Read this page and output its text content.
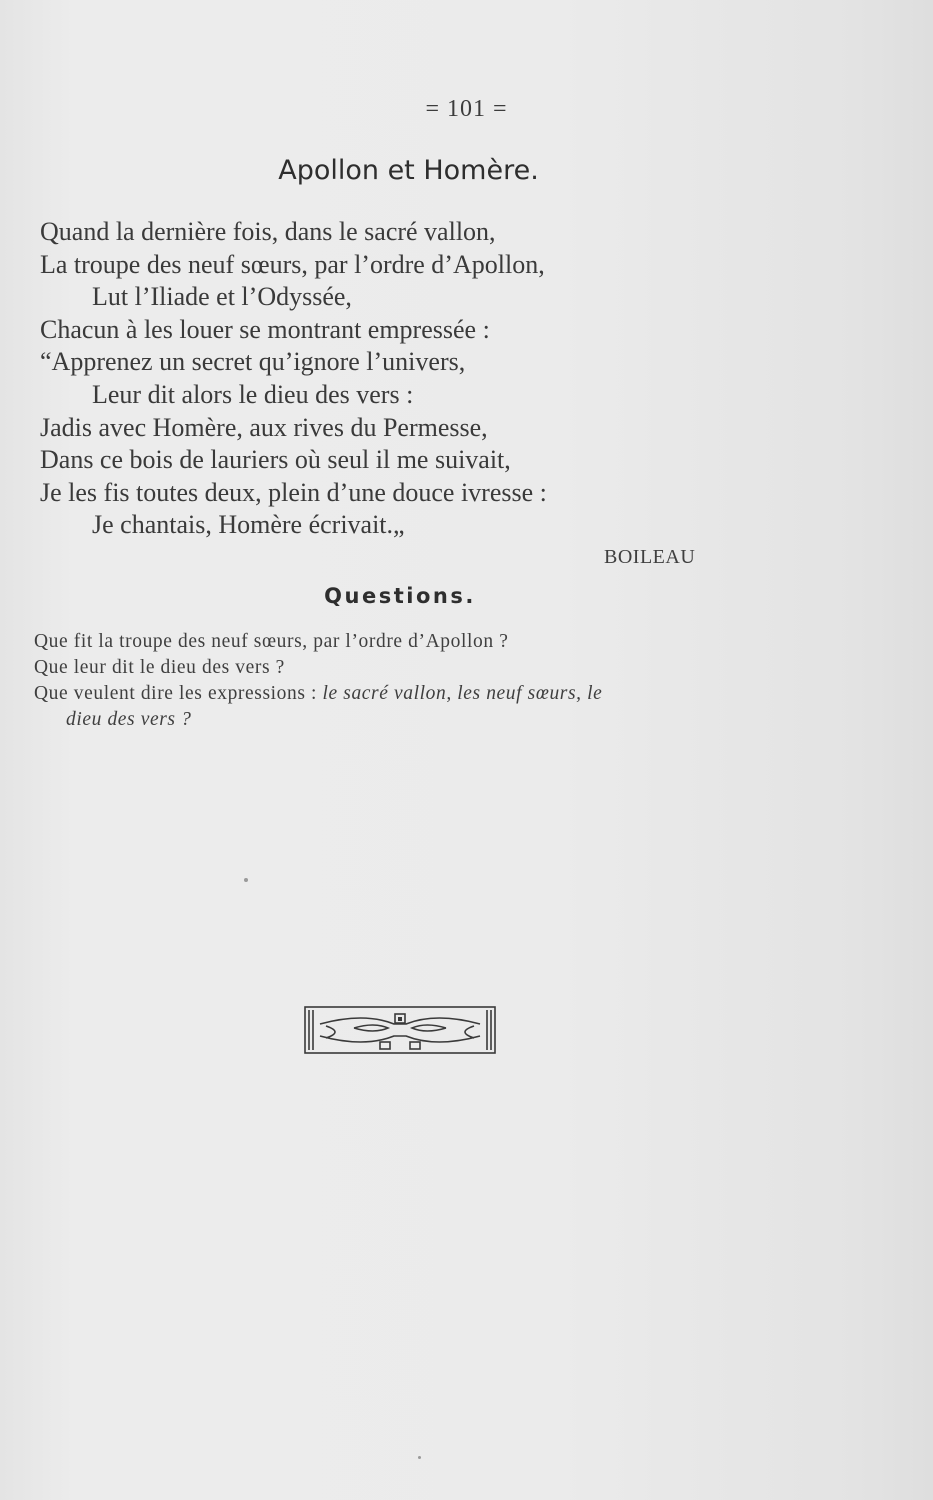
= 101 =
Apollon et Homère.
Quand la dernière fois, dans le sacré vallon,
La troupe des neuf sœurs, par l’ordre d’Apollon,
Lut l’Iliade et l’Odyssée,
Chacun à les louer se montrant empressée :
“Apprenez un secret qu’ignore l’univers,
Leur dit alors le dieu des vers :
Jadis avec Homère, aux rives du Permesse,
Dans ce bois de lauriers où seul il me suivait,
Je les fis toutes deux, plein d’une douce ivresse :
Je chantais, Homère écrivait.„
BOILEAU
Questions.
Que fit la troupe des neuf sœurs, par l’ordre d’Apollon ?
Que leur dit le dieu des vers ?
Que veulent dire les expressions : le sacré vallon, les neuf sœurs, le
dieu des vers ?
